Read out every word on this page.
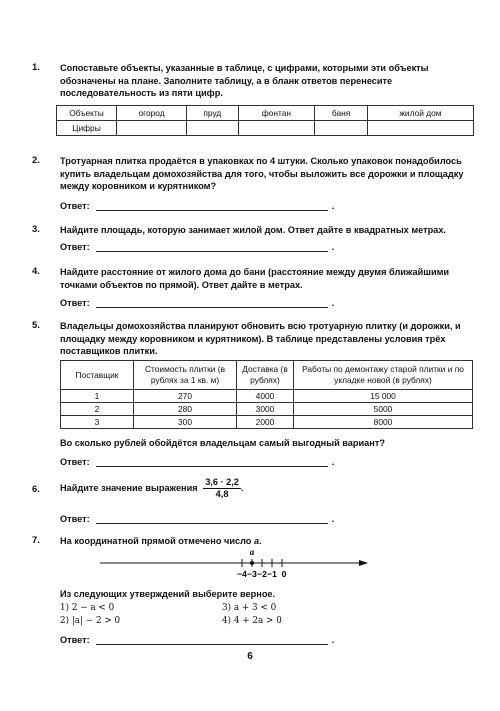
1. Сопоставьте объекты, указанные в таблице, с цифрами, которыми эти объекты обозначены на плане. Заполните таблицу, а в бланк ответов перенесите последовательность из пяти цифр.
Объекты	огород	пруд	фонтан	баня	жилой дом
Цифры					
2. Тротуарная плитка продаётся в упаковках по 4 штуки. Сколько упаковок понадобилось купить владельцам домохозяйства для того, чтобы выложить все дорожки и площадку между коровником и курятником?
Ответ:	.
3. Найдите площадь, которую занимает жилой дом. Ответ дайте в квадратных метрах.
Ответ:	.
4. Найдите расстояние от жилого дома до бани (расстояние между двумя ближайшими точками объектов по прямой). Ответ дайте в метрах.
Ответ:	.
5. Владельцы домохозяйства планируют обновить всю тротуарную плитку (и дорожки, и площадку между коровником и курятником). В таблице представлены условия трёх поставщиков плитки.
Поставщик	Стоимость плитки (в рублях за 1 кв. м)	Доставка (в рублях)	Работы по демонтажу старой плитки и по укладке новой (в рублях)
1	270	4000	15 000
2	280	3000	5000
3	300	2000	8000
Во сколько рублей обойдётся владельцам самый выгодный вариант?
Ответ:	.
6. Найдите значение выражения $\frac{3,6 \cdot 2,2}{4,8}$ .
Ответ:	.
7. На координатной прямой отмечено число a.
a
−4 −3 −2 −1 0
Из следующих утверждений выберите верное.
1) 2 − a < 0	3) a + 3 < 0
2) |a| − 2 > 0	4) 4 + 2a > 0
Ответ:	.
6
